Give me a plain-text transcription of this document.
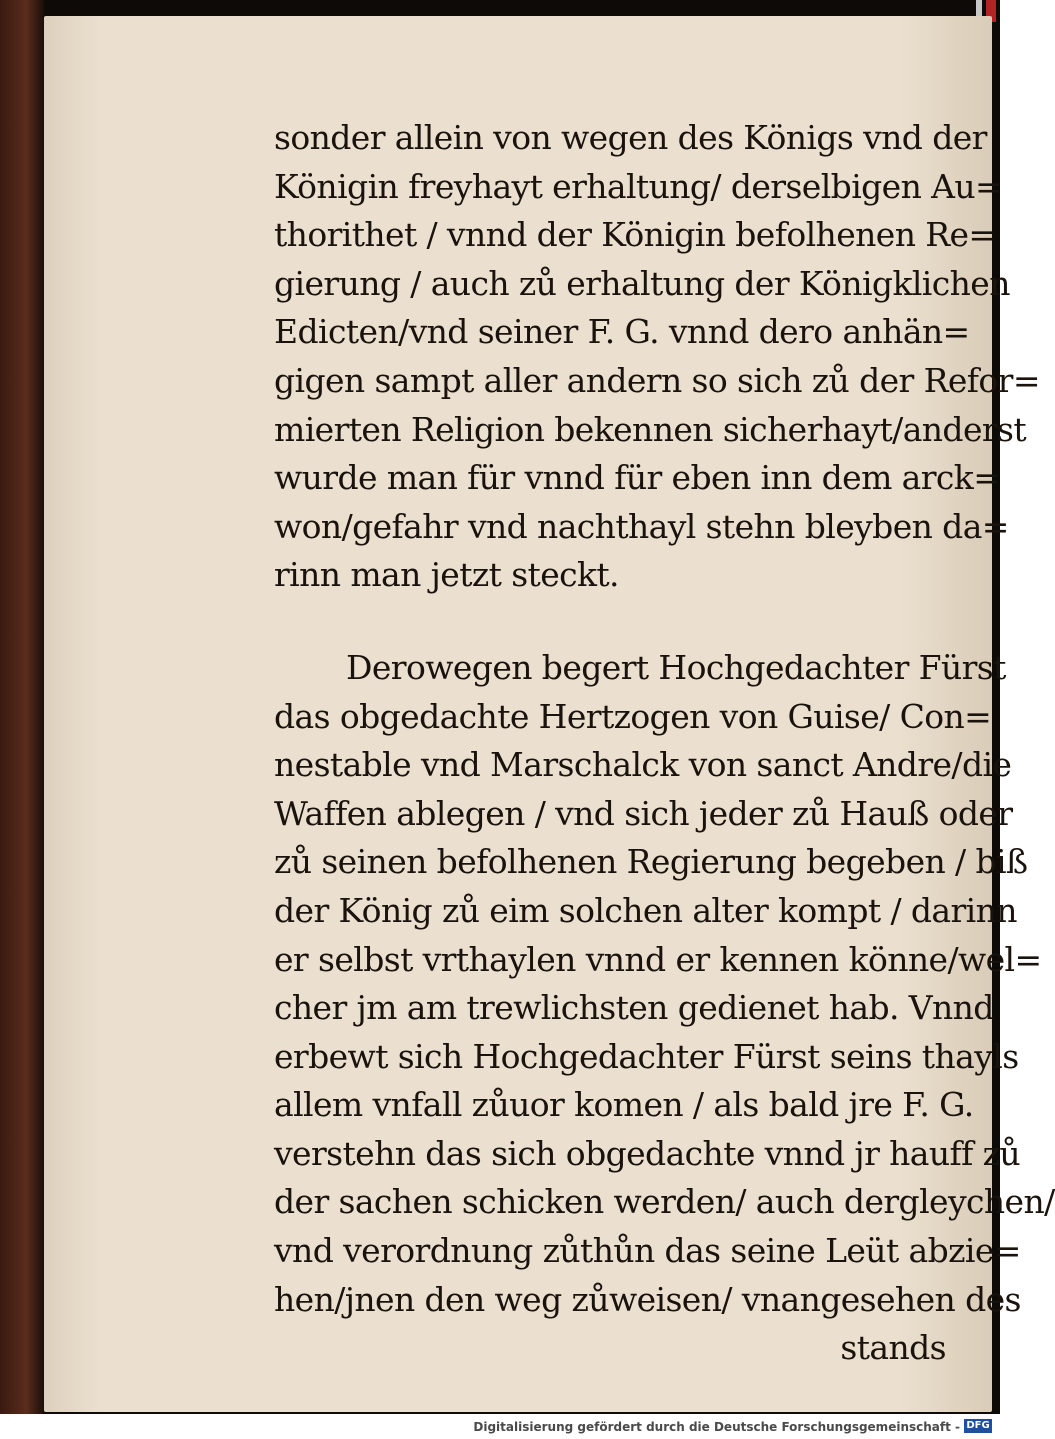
sonder allein von wegen des Königs vnd der
Königin freyhayt erhaltung/ derselbigen Au=
thorithet / vnnd der Königin befolhenen Re=
gierung / auch zů erhaltung der Königklichen
Edicten/vnd seiner F. G. vnnd dero anhän=
gigen sampt aller andern so sich zů der Refor=
mierten Religion bekennen sicherhayt/anderst
wurde man für vnnd für eben inn dem arck=
won/gefahr vnd nachthayl stehn bleyben da=
rinn man jetzt steckt.
Derowegen begert Hochgedachter Fürst
das obgedachte Hertzogen von Guise/ Con=
nestable vnd Marschalck von sanct Andre/die
Waffen ablegen / vnd sich jeder zů Hauß oder
zů seinen befolhenen Regierung begeben / biß
der König zů eim solchen alter kompt / darinn
er selbst vrthaylen vnnd er kennen könne/wel=
cher jm am trewlichsten gedienet hab. Vnnd
erbewt sich Hochgedachter Fürst seins thayls
allem vnfall zůuor komen / als bald jre F. G.
verstehn das sich obgedachte vnnd jr hauff zů
der sachen schicken werden/ auch dergleychen/
vnd verordnung zůthůn das seine Leüt abzie=
hen/jnen den weg zůweisen/ vnangesehen des
stands
Digitalisierung gefördert durch die Deutsche Forschungsgemeinschaft - DFG
